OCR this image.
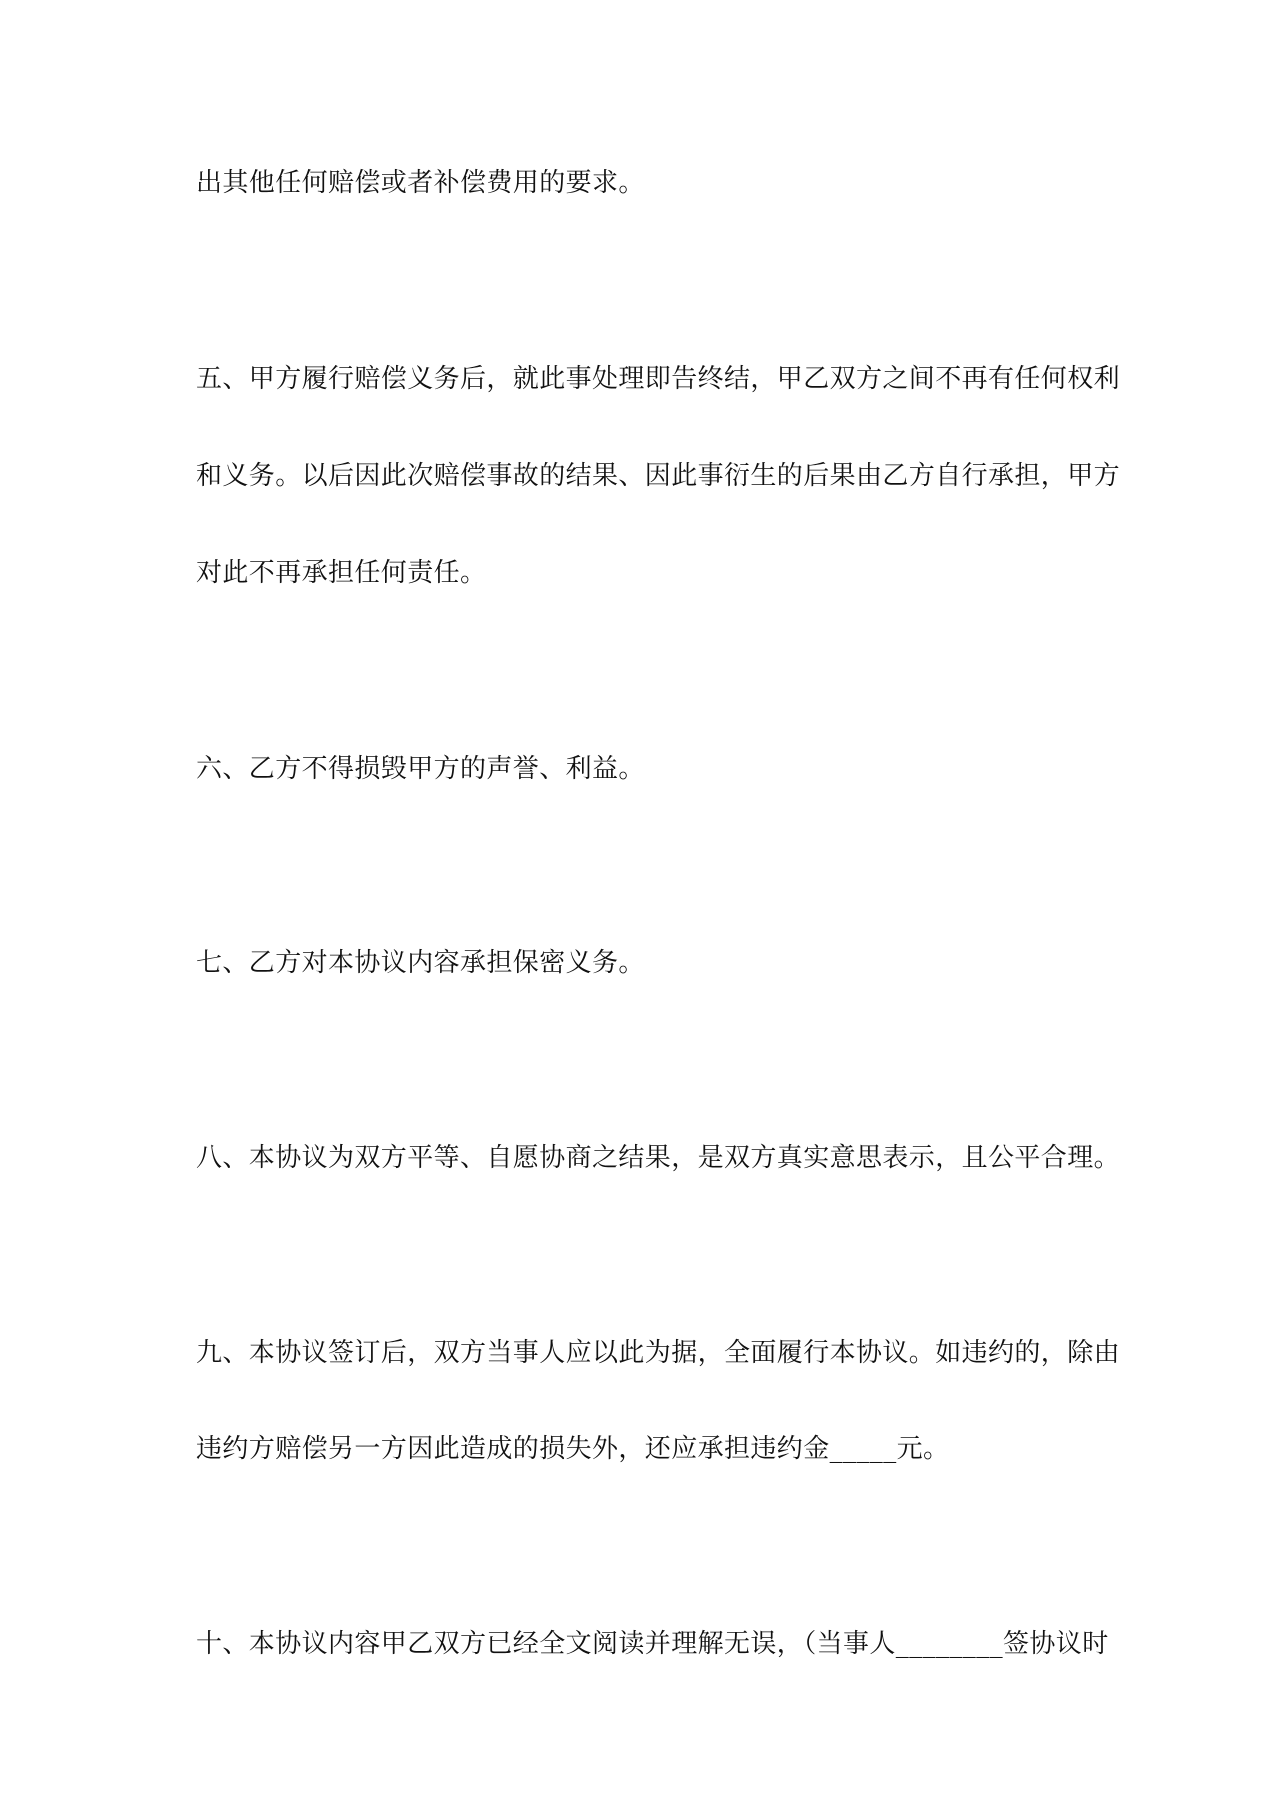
出其他任何赔偿或者补偿费用的要求。
五、甲方履行赔偿义务后，就此事处理即告终结，甲乙双方之间不再有任何权利
和义务。以后因此次赔偿事故的结果、因此事衍生的后果由乙方自行承担，甲方
对此不再承担任何责任。
六、乙方不得损毁甲方的声誉、利益。
七、乙方对本协议内容承担保密义务。
八、本协议为双方平等、自愿协商之结果，是双方真实意思表示，且公平合理。
九、本协议签订后，双方当事人应以此为据，全面履行本协议。如违约的，除由
违约方赔偿另一方因此造成的损失外，还应承担违约金_____元。
十、本协议内容甲乙双方已经全文阅读并理解无误，（当事人________签协议时
